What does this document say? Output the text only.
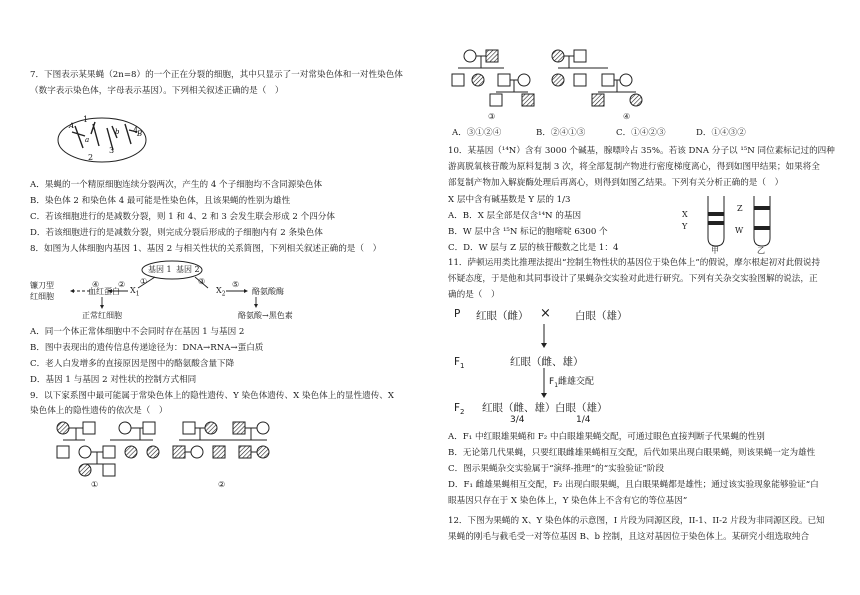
7．下图表示某果蝇（2n=8）的一个正在分裂的细胞，其中只显示了一对常染色体和一对性染色体
（数字表示染色体，字母表示基因）。下列相关叙述正确的是（　）
A
B
b
a
1
2
3
4
A．果蝇的一个精原细胞连续分裂两次，产生的 4 个子细胞均不含同源染色体
B．染色体 2 和染色体 4 最可能是性染色体，且该果蝇的性别为雄性
C．若该细胞进行的是减数分裂，则 1 和 4、2 和 3 会发生联会形成 2 个四分体
D．若该细胞进行的是减数分裂，则完成分裂后形成的子细胞内有 2 条染色体
8．如图为人体细胞内基因 1、基因 2 与相关性状的关系简图，下列相关叙述正确的是（　）
基因 1 基因 2
①
②	③
④	⑤
$X_1$	$X_2$
血红蛋白
镰刀型
红细胞
正常红细胞
酪氨酸酶
酪氨酸→黑色素
A．同一个体正常体细胞中不会同时存在基因 1 与基因 2
B．图中表现出的遗传信息传递途径为：DNA→RNA→蛋白质
C．老人白发增多的直接原因是图中的酪氨酸含量下降
D．基因 1 与基因 2 对性状的控制方式相同
9．以下家系图中最可能属于常染色体上的隐性遗传、Y 染色体遗传、X 染色体上的显性遗传、X
染色体上的隐性遗传的依次是（　）
①	②
③	④
A．③①②④	B．②④①③	C．①④②③	D．①④③②
10．某基因（¹⁴N）含有 3000 个碱基，腺嘌呤占 35%。若该 DNA 分子以 ¹⁵N 同位素标记过的四种
游离脱氧核苷酸为原料复制 3 次，将全部复制产物进行密度梯度离心，得到如图甲结果；如果将全
部复制产物加入解旋酶处理后再离心，则得到如图乙结果。下列有关分析正确的是（　）
X 层中含有碱基数是 Y 层的 1/3
A．B．X 层全部是仅含¹⁴N 的基因
B．W 层中含 ¹⁵N 标记的胞嘧啶 6300 个
C．D．W 层与 Z 层的核苷酸数之比是 1：4
X
Y
Z
W
甲	乙
11．萨顿运用类比推理法提出“控制生物性状的基因位于染色体上”的假说，摩尔根起初对此假说持
怀疑态度，于是他和其同事设计了果蝇杂交实验对此进行研究。下列有关杂交实验图解的说法，正
确的是（　）
P 红眼（雌） × 白眼（雄）
$F_1$	红眼（雌、雄）
$F_1$雌雄交配
$F_2$ 红眼（雌、雄） 白眼（雄）
3/4	1/4
A．F₁ 中红眼雄果蝇和 F₂ 中白眼雄果蝇交配，可通过眼色直接判断子代果蝇的性别
B．无论第几代果蝇，只要红眼雌雄果蝇相互交配，后代如果出现白眼果蝇，则该果蝇一定为雄性
C．图示果蝇杂交实验属于“演绎-推理”的“实验验证”阶段
D．F₁ 雌雄果蝇相互交配，F₂ 出现白眼果蝇，且白眼果蝇都是雄性；通过该实验现象能够验证“白
眼基因只存在于 X 染色体上，Y 染色体上不含有它的等位基因”
12．下图为果蝇的 X、Y 染色体的示意图，I 片段为同源区段，II-1、II-2 片段为非同源区段。已知
果蝇的刚毛与截毛受一对等位基因 B、b 控制，且这对基因位于染色体上。某研究小组选取纯合
